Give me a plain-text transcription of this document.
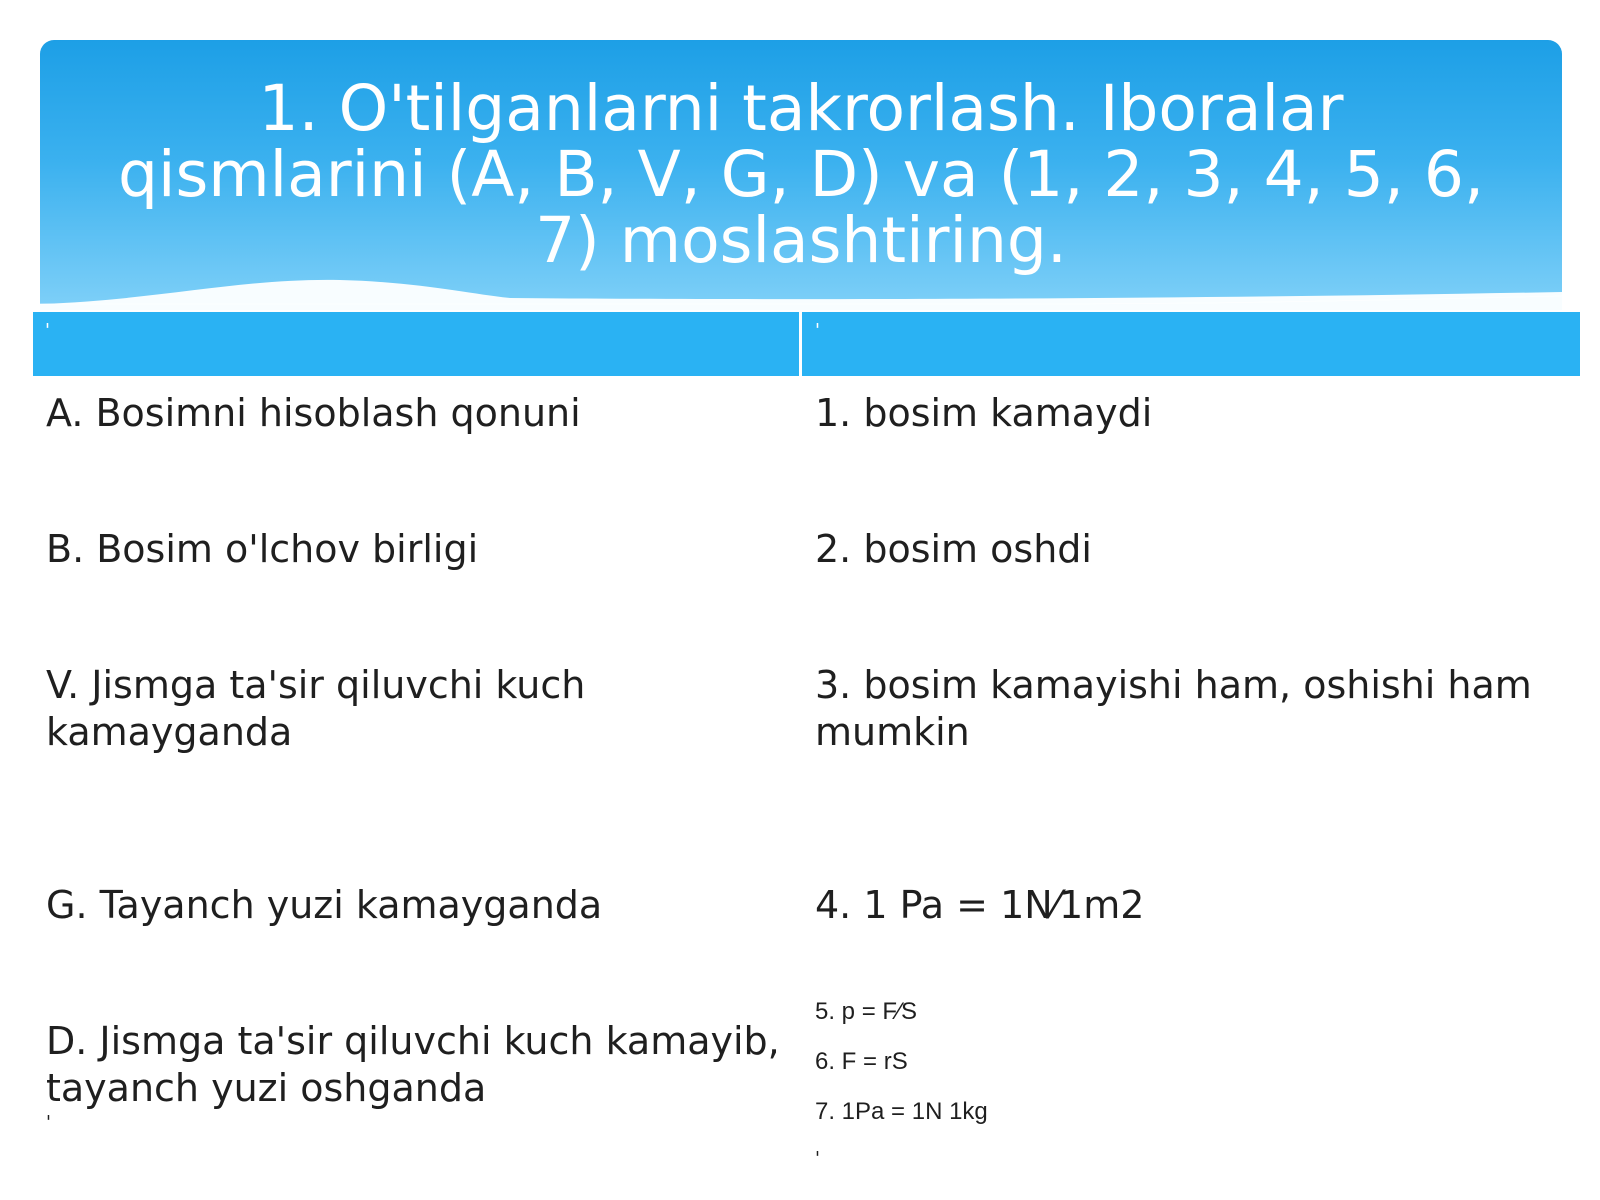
1. O'tilganlarni takrorlash. Iboralar qismlarini (A, B, V, G, D) va (1, 2, 3, 4, 5, 6, 7) moslashtiring.
'	'
A. Bosimni hisoblash qonuni
B. Bosim o'lchov birligi
V. Jismga ta'sir qiluvchi kuch kamayganda
G. Tayanch yuzi kamayganda
D. Jismga ta'sir qiluvchi kuch kamayib, tayanch yuzi oshganda
'
1. bosim kamaydi
2. bosim oshdi
3. bosim kamayishi ham, oshishi ham mumkin
4. 1 Pa = 1N⁄1m2
5. p = F⁄S
6. F = rS
7. 1Pa = 1N 1kg
'
